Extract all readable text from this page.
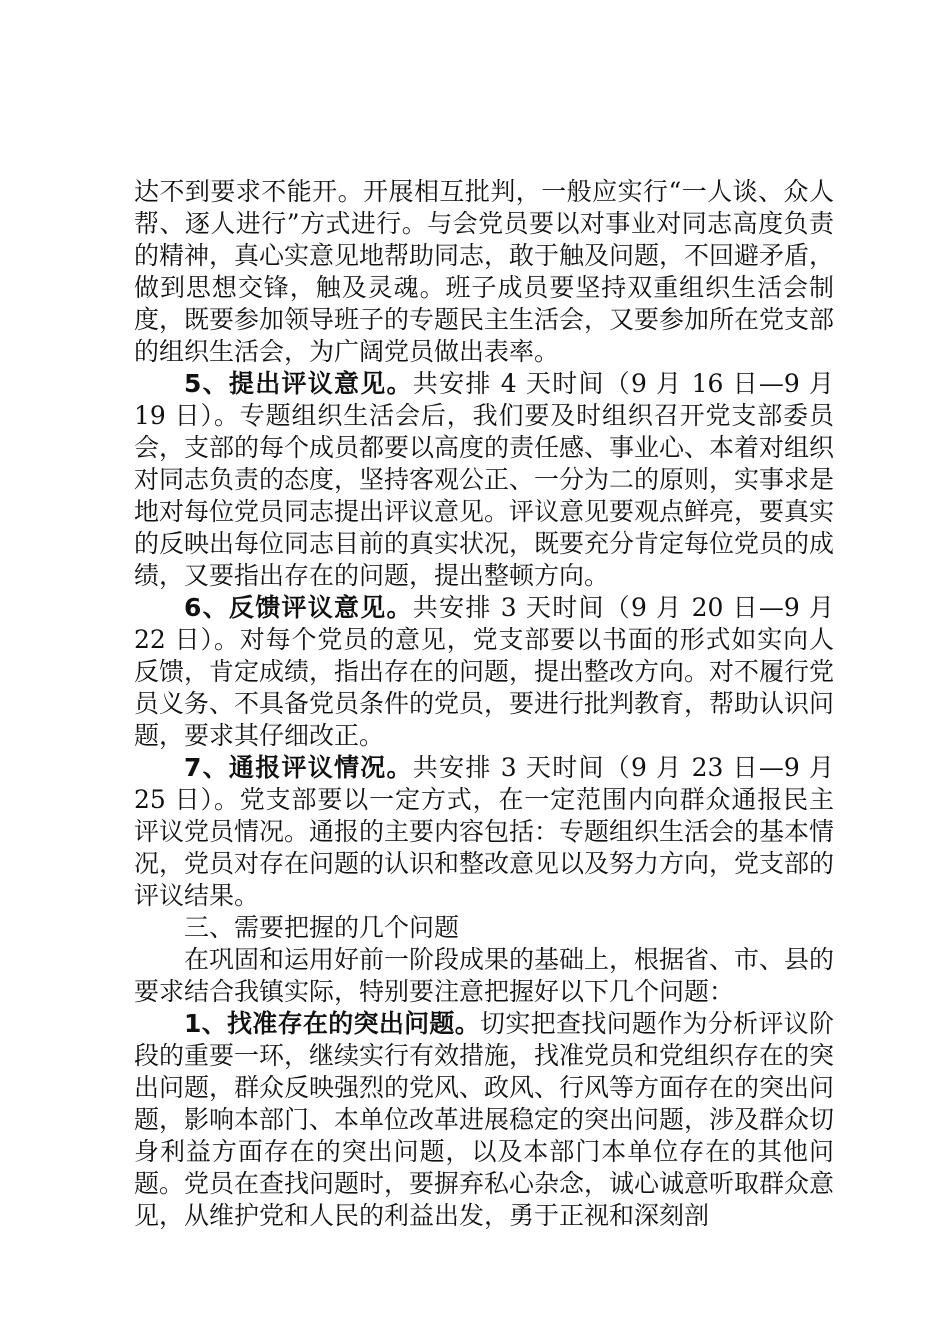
达不到要求不能开。开展相互批判，一般应实行“一人谈、众人帮、逐人进行”方式进行。与会党员要以对事业对同志高度负责的精神，真心实意见地帮助同志，敢于触及问题，不回避矛盾，做到思想交锋，触及灵魂。班子成员要坚持双重组织生活会制度，既要参加领导班子的专题民主生活会，又要参加所在党支部的组织生活会，为广阔党员做出表率。

5、提出评议意见。共安排 4 天时间（9 月 16 日—9 月 19 日）。专题组织生活会后，我们要及时组织召开党支部委员会，支部的每个成员都要以高度的责任感、事业心、本着对组织对同志负责的态度，坚持客观公正、一分为二的原则，实事求是地对每位党员同志提出评议意见。评议意见要观点鲜亮，要真实的反映出每位同志目前的真实状况，既要充分肯定每位党员的成绩，又要指出存在的问题，提出整顿方向。

6、反馈评议意见。共安排 3 天时间（9 月 20 日—9 月 22 日）。对每个党员的意见，党支部要以书面的形式如实向人反馈，肯定成绩，指出存在的问题，提出整改方向。对不履行党员义务、不具备党员条件的党员，要进行批判教育，帮助认识问题，要求其仔细改正。

7、通报评议情况。共安排 3 天时间（9 月 23 日—9 月 25 日）。党支部要以一定方式，在一定范围内向群众通报民主评议党员情况。通报的主要内容包括：专题组织生活会的基本情况，党员对存在问题的认识和整改意见以及努力方向，党支部的评议结果。

三、需要把握的几个问题

在巩固和运用好前一阶段成果的基础上，根据省、市、县的要求结合我镇实际，特别要注意把握好以下几个问题：

1、找准存在的突出问题。切实把查找问题作为分析评议阶段的重要一环，继续实行有效措施，找准党员和党组织存在的突出问题，群众反映强烈的党风、政风、行风等方面存在的突出问题，影响本部门、本单位改革进展稳定的突出问题，涉及群众切身利益方面存在的突出问题，以及本部门本单位存在的其他问题。党员在查找问题时，要摒弃私心杂念，诚心诚意听取群众意见，从维护党和人民的利益出发，勇于正视和深刻剖
